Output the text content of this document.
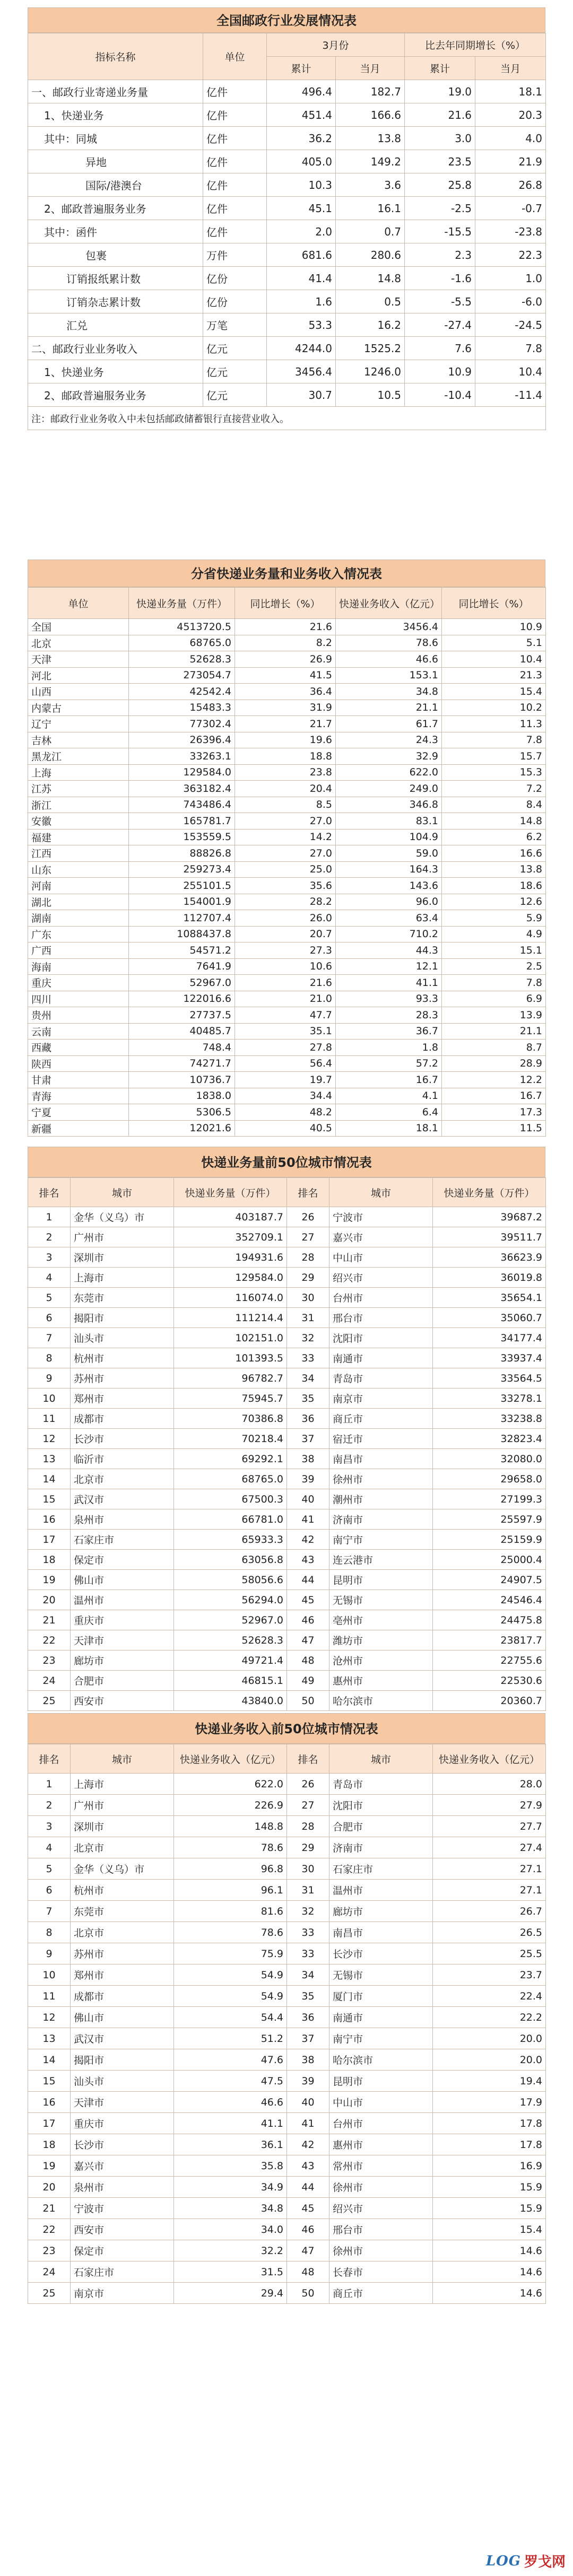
全国邮政行业发展情况表
指标名称	单位	3月份		比去年同期增长（%）	
		累计	当月	累计	当月
一、邮政行业寄递业务量	亿件	496.4	182.7	19.0	18.1
1、快递业务	亿件	451.4	166.6	21.6	20.3
其中：同城	亿件	36.2	13.8	3.0	4.0
异地	亿件	405.0	149.2	23.5	21.9
国际/港澳台	亿件	10.3	3.6	25.8	26.8
2、邮政普遍服务业务	亿件	45.1	16.1	-2.5	-0.7
其中：函件	亿件	2.0	0.7	-15.5	-23.8
包裹	万件	681.6	280.6	2.3	22.3
订销报纸累计数	亿份	41.4	14.8	-1.6	1.0
订销杂志累计数	亿份	1.6	0.5	-5.5	-6.0
汇兑	万笔	53.3	16.2	-27.4	-24.5
二、邮政行业业务收入	亿元	4244.0	1525.2	7.6	7.8
1、快递业务	亿元	3456.4	1246.0	10.9	10.4
2、邮政普遍服务业务	亿元	30.7	10.5	-10.4	-11.4
注：邮政行业业务收入中未包括邮政储蓄银行直接营业收入。					
分省快递业务量和业务收入情况表
单位	快递业务量（万件）	同比增长（%）	快递业务收入（亿元）	同比增长（%）
全国	4513720.5	21.6	3456.4	10.9
北京	68765.0	8.2	78.6	5.1
天津	52628.3	26.9	46.6	10.4
河北	273054.7	41.5	153.1	21.3
山西	42542.4	36.4	34.8	15.4
内蒙古	15483.3	31.9	21.1	10.2
辽宁	77302.4	21.7	61.7	11.3
吉林	26396.4	19.6	24.3	7.8
黑龙江	33263.1	18.8	32.9	15.7
上海	129584.0	23.8	622.0	15.3
江苏	363182.4	20.4	249.0	7.2
浙江	743486.4	8.5	346.8	8.4
安徽	165781.7	27.0	83.1	14.8
福建	153559.5	14.2	104.9	6.2
江西	88826.8	27.0	59.0	16.6
山东	259273.4	25.0	164.3	13.8
河南	255101.5	35.6	143.6	18.6
湖北	154001.9	28.2	96.0	12.6
湖南	112707.4	26.0	63.4	5.9
广东	1088437.8	20.7	710.2	4.9
广西	54571.2	27.3	44.3	15.1
海南	7641.9	10.6	12.1	2.5
重庆	52967.0	21.6	41.1	7.8
四川	122016.6	21.0	93.3	6.9
贵州	27737.5	47.7	28.3	13.9
云南	40485.7	35.1	36.7	21.1
西藏	748.4	27.8	1.8	8.7
陕西	74271.7	56.4	57.2	28.9
甘肃	10736.7	19.7	16.7	12.2
青海	1838.0	34.4	4.1	16.7
宁夏	5306.5	48.2	6.4	17.3
新疆	12021.6	40.5	18.1	11.5
快递业务量前50位城市情况表
排名	城市	快递业务量（万件）	排名	城市	快递业务量（万件）
1	金华（义乌）市	403187.7	26	宁波市	39687.2
2	广州市	352709.1	27	嘉兴市	39511.7
3	深圳市	194931.6	28	中山市	36623.9
4	上海市	129584.0	29	绍兴市	36019.8
5	东莞市	116074.0	30	台州市	35654.1
6	揭阳市	111214.4	31	邢台市	35060.7
7	汕头市	102151.0	32	沈阳市	34177.4
8	杭州市	101393.5	33	南通市	33937.4
9	苏州市	96782.7	34	青岛市	33564.5
10	郑州市	75945.7	35	南京市	33278.1
11	成都市	70386.8	36	商丘市	33238.8
12	长沙市	70218.4	37	宿迁市	32823.4
13	临沂市	69292.1	38	南昌市	32080.0
14	北京市	68765.0	39	徐州市	29658.0
15	武汉市	67500.3	40	潮州市	27199.3
16	泉州市	66781.0	41	济南市	25597.9
17	石家庄市	65933.3	42	南宁市	25159.9
18	保定市	63056.8	43	连云港市	25000.4
19	佛山市	58056.6	44	昆明市	24907.5
20	温州市	56294.0	45	无锡市	24546.4
21	重庆市	52967.0	46	亳州市	24475.8
22	天津市	52628.3	47	潍坊市	23817.7
23	廊坊市	49721.4	48	沧州市	22755.6
24	合肥市	46815.1	49	惠州市	22530.6
25	西安市	43840.0	50	哈尔滨市	20360.7
快递业务收入前50位城市情况表
排名	城市	快递业务收入（亿元）	排名	城市	快递业务收入（亿元）
1	上海市	622.0	26	青岛市	28.0
2	广州市	226.9	27	沈阳市	27.9
3	深圳市	148.8	28	合肥市	27.7
4	北京市	78.6	29	济南市	27.4
5	金华（义乌）市	96.8	30	石家庄市	27.1
6	杭州市	96.1	31	温州市	27.1
7	东莞市	81.6	32	廊坊市	26.7
8	北京市	78.6	33	南昌市	26.5
9	苏州市	75.9	33	长沙市	25.5
10	郑州市	54.9	34	无锡市	23.7
11	成都市	54.9	35	厦门市	22.4
12	佛山市	54.4	36	南通市	22.2
13	武汉市	51.2	37	南宁市	20.0
14	揭阳市	47.6	38	哈尔滨市	20.0
15	汕头市	47.5	39	昆明市	19.4
16	天津市	46.6	40	中山市	17.9
17	重庆市	41.1	41	台州市	17.8
18	长沙市	36.1	42	惠州市	17.8
19	嘉兴市	35.8	43	常州市	16.9
20	泉州市	34.9	44	徐州市	15.9
21	宁波市	34.8	45	绍兴市	15.9
22	西安市	34.0	46	邢台市	15.4
23	保定市	32.2	47	徐州市	14.6
24	石家庄市	31.5	48	长春市	14.6
25	南京市	29.4	50	商丘市	14.6
LOG 罗戈网
